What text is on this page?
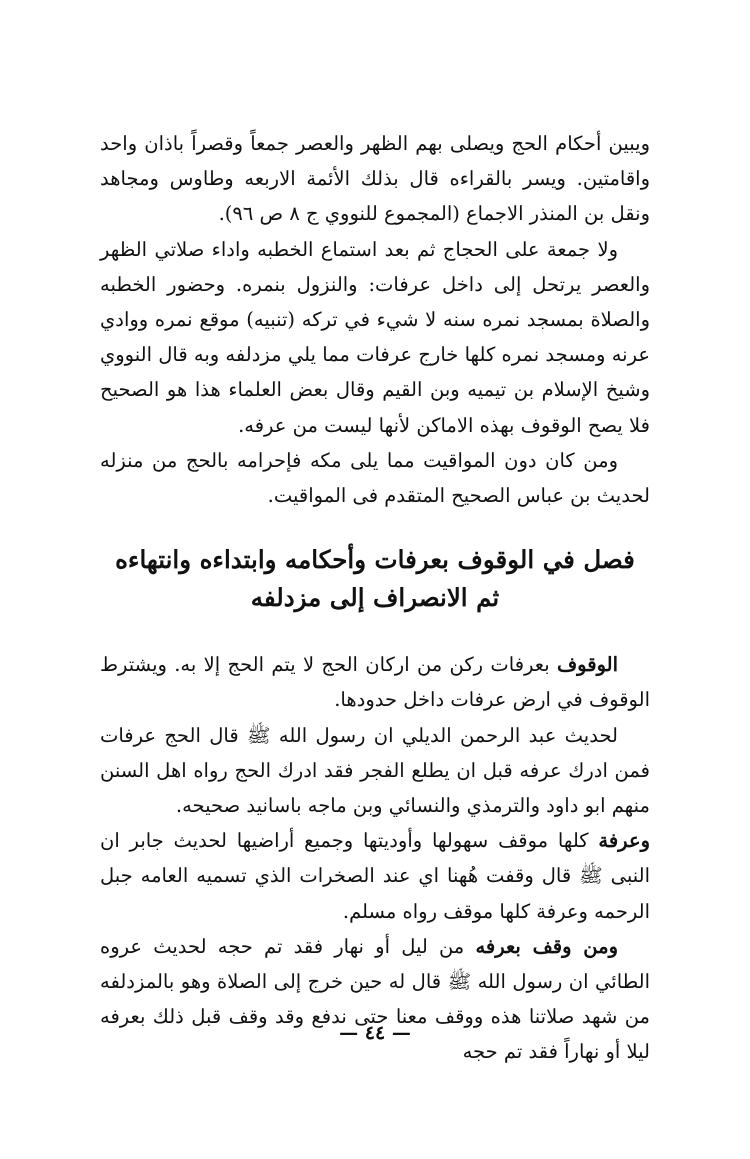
ويبين أحكام الحج ويصلى بهم الظهر والعصر جمعاً وقصراً باذان واحد واقامتين. ويسر بالقراءه قال بذلك الأئمة الاربعه وطاوس ومجاهد ونقل بن المنذر الاجماع (المجموع للنووي ج ٨ ص ٩٦).

ولا جمعة على الحجاج ثم بعد استماع الخطبه واداء صلاتي الظهر والعصر يرتحل إلى داخل عرفات: والنزول بنمره. وحضور الخطبه والصلاة بمسجد نمره سنه لا شيء في تركه (تنبيه) موقع نمره ووادي عرنه ومسجد نمره كلها خارج عرفات مما يلي مزدلفه وبه قال النووي وشيخ الإسلام بن تيميه وبن القيم وقال بعض العلماء هذا هو الصحيح فلا يصح الوقوف بهذه الاماكن لأنها ليست من عرفه.

ومن كان دون المواقيت مما يلى مكه فإحرامه بالحج من منزله لحديث بن عباس الصحيح المتقدم فى المواقيت.

فصل في الوقوف بعرفات وأحكامه وابتداءه وانتهاءه ثم الانصراف إلى مزدلفه

الوقوف بعرفات ركن من اركان الحج لا يتم الحج إلا به. ويشترط الوقوف في ارض عرفات داخل حدودها.

لحديث عبد الرحمن الديلي ان رسول الله ﷺ قال الحج عرفات فمن ادرك عرفه قبل ان يطلع الفجر فقد ادرك الحج رواه اهل السنن منهم ابو داود والترمذي والنسائي وبن ماجه باسانيد صحيحه.

وعرفة كلها موقف سهولها وأوديتها وجميع أراضيها لحديث جابر ان النبى ﷺ قال وقفت هُهنا اي عند الصخرات الذي تسميه العامه جبل الرحمه وعرفة كلها موقف رواه مسلم.

ومن وقف بعرفه من ليل أو نهار فقد تم حجه لحديث عروه الطائي ان رسول الله ﷺ قال له حين خرج إلى الصلاة وهو بالمزدلفه من شهد صلاتنا هذه ووقف معنا حتى ندفع وقد وقف قبل ذلك بعرفه ليلا أو نهاراً فقد تم حجه

— ٤٤ —
